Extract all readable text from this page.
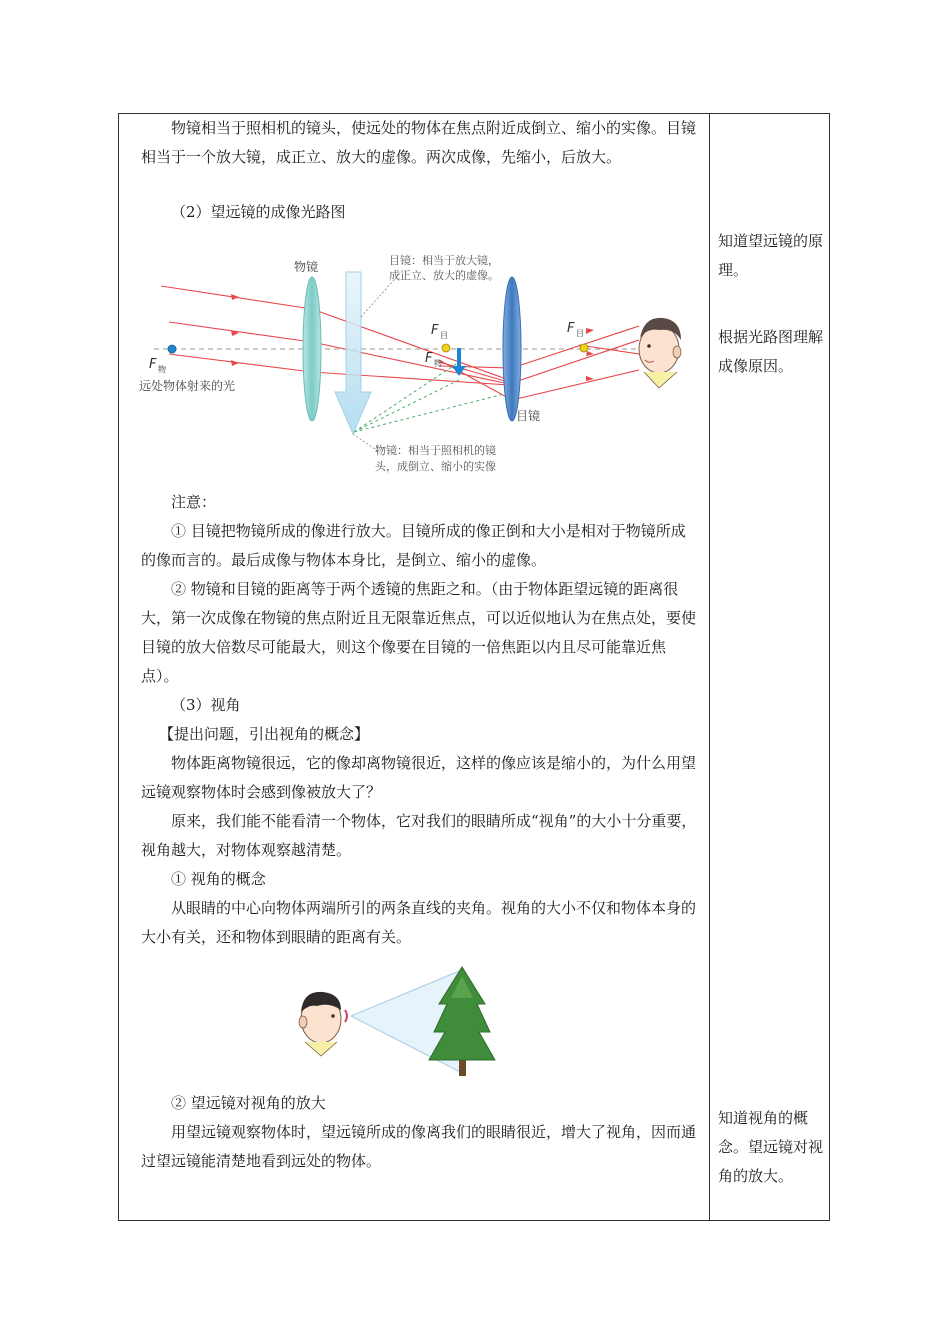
物镜相当于照相机的镜头，使远处的物体在焦点附近成倒立、缩小的实像。目镜相当于一个放大镜，成正立、放大的虚像。两次成像，先缩小，后放大。

（2）望远镜的成像光路图

物镜
目镜
目镜：相当于放大镜，
成正立、放大的虚像。
物镜：相当于照相机的镜
头，成倒立、缩小的实像
远处物体射来的光
F 物
F 目
F 物
F 目

注意：

① 目镜把物镜所成的像进行放大。目镜所成的像正倒和大小是相对于物镜所成的像而言的。最后成像与物体本身比，是倒立、缩小的虚像。

② 物镜和目镜的距离等于两个透镜的焦距之和。（由于物体距望远镜的距离很大，第一次成像在物镜的焦点附近且无限靠近焦点，可以近似地认为在焦点处，要使目镜的放大倍数尽可能最大，则这个像要在目镜的一倍焦距以内且尽可能靠近焦点）。

（3）视角

【提出问题，引出视角的概念】

物体距离物镜很远，它的像却离物镜很近，这样的像应该是缩小的，为什么用望远镜观察物体时会感到像被放大了？

原来，我们能不能看清一个物体，它对我们的眼睛所成“视角”的大小十分重要，视角越大，对物体观察越清楚。

① 视角的概念

从眼睛的中心向物体两端所引的两条直线的夹角。视角的大小不仅和物体本身的大小有关，还和物体到眼睛的距离有关。

② 望远镜对视角的放大

用望远镜观察物体时，望远镜所成的像离我们的眼睛很近，增大了视角，因而通过望远镜能清楚地看到远处的物体。

知道望远镜的原理。
根据光路图理解成像原因。
知道视角的概念。望远镜对视角的放大。
